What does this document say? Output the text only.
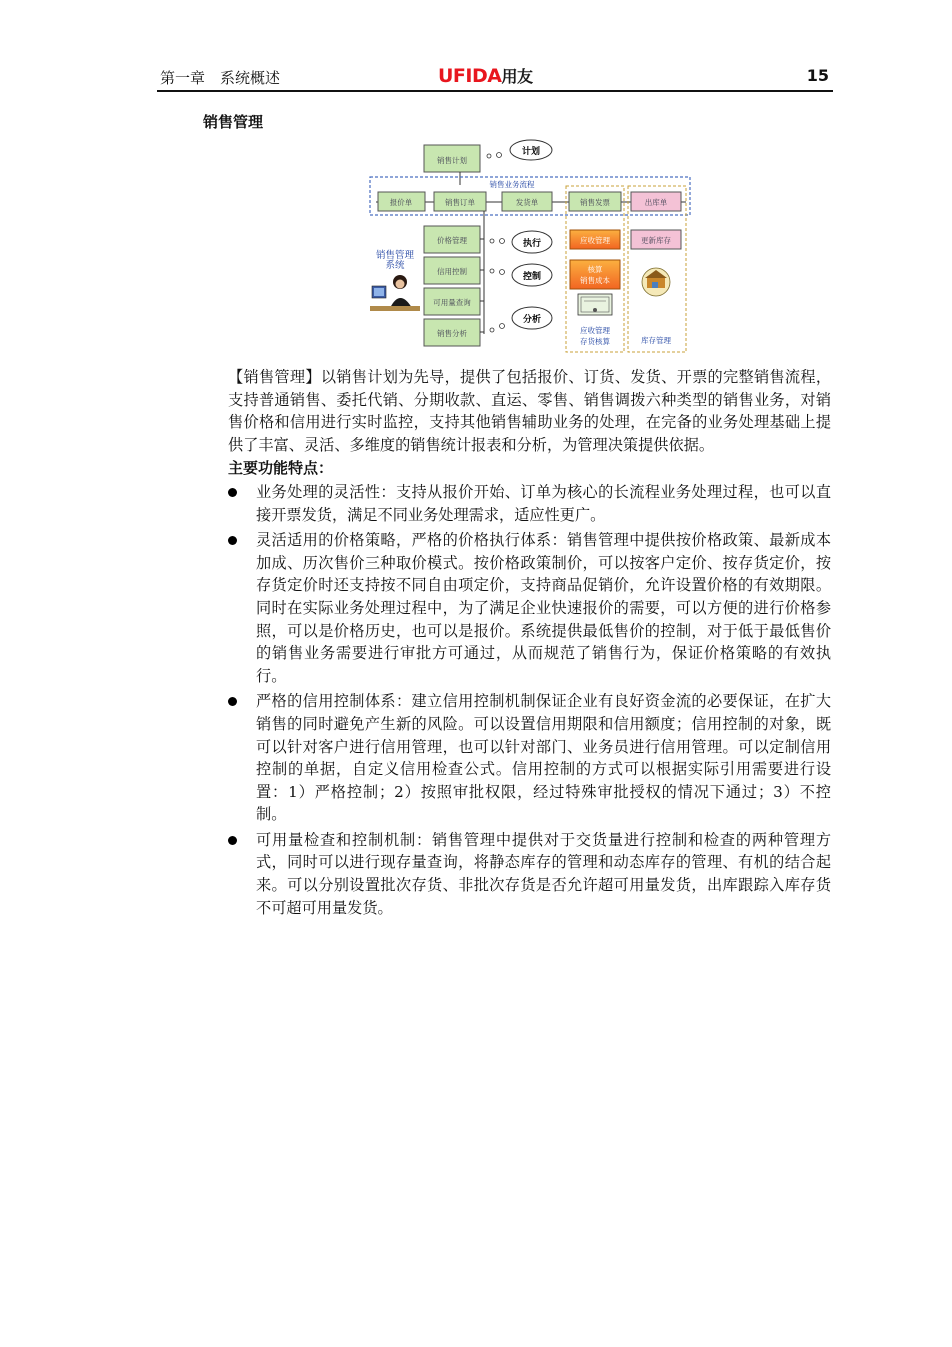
第一章　系统概述	UFIDA用友	15
销售管理
销售计划
计划
销售业务流程
报价单	销售订单	发货单	销售发票	出库单
价格管理
信用控制
可用量查询
销售分析
执行
控制
分析
销售管理
系统
应收管理
核算
销售成本
应收管理
存货核算
更新库存
库存管理

【销售管理】以销售计划为先导，提供了包括报价、订货、发货、开票的完整销售流程，支持普通销售、委托代销、分期收款、直运、零售、销售调拨六种类型的销售业务，对销售价格和信用进行实时监控，支持其他销售辅助业务的处理，在完备的业务处理基础上提供了丰富、灵活、多维度的销售统计报表和分析，为管理决策提供依据。

主要功能特点：
业务处理的灵活性：支持从报价开始、订单为核心的长流程业务处理过程，也可以直接开票发货，满足不同业务处理需求，适应性更广。
灵活适用的价格策略，严格的价格执行体系：销售管理中提供按价格政策、最新成本加成、历次售价三种取价模式。按价格政策制价，可以按客户定价、按存货定价，按存货定价时还支持按不同自由项定价，支持商品促销价，允许设置价格的有效期限。同时在实际业务处理过程中，为了满足企业快速报价的需要，可以方便的进行价格参照，可以是价格历史，也可以是报价。系统提供最低售价的控制，对于低于最低售价的销售业务需要进行审批方可通过，从而规范了销售行为，保证价格策略的有效执行。
严格的信用控制体系：建立信用控制机制保证企业有良好资金流的必要保证，在扩大销售的同时避免产生新的风险。可以设置信用期限和信用额度；信用控制的对象，既可以针对客户进行信用管理，也可以针对部门、业务员进行信用管理。可以定制信用控制的单据，自定义信用检查公式。信用控制的方式可以根据实际引用需要进行设置：1）严格控制；2）按照审批权限，经过特殊审批授权的情况下通过；3）不控制。
可用量检查和控制机制：销售管理中提供对于交货量进行控制和检查的两种管理方式，同时可以进行现存量查询，将静态库存的管理和动态库存的管理、有机的结合起来。可以分别设置批次存货、非批次存货是否允许超可用量发货，出库跟踪入库存货不可超可用量发货。
